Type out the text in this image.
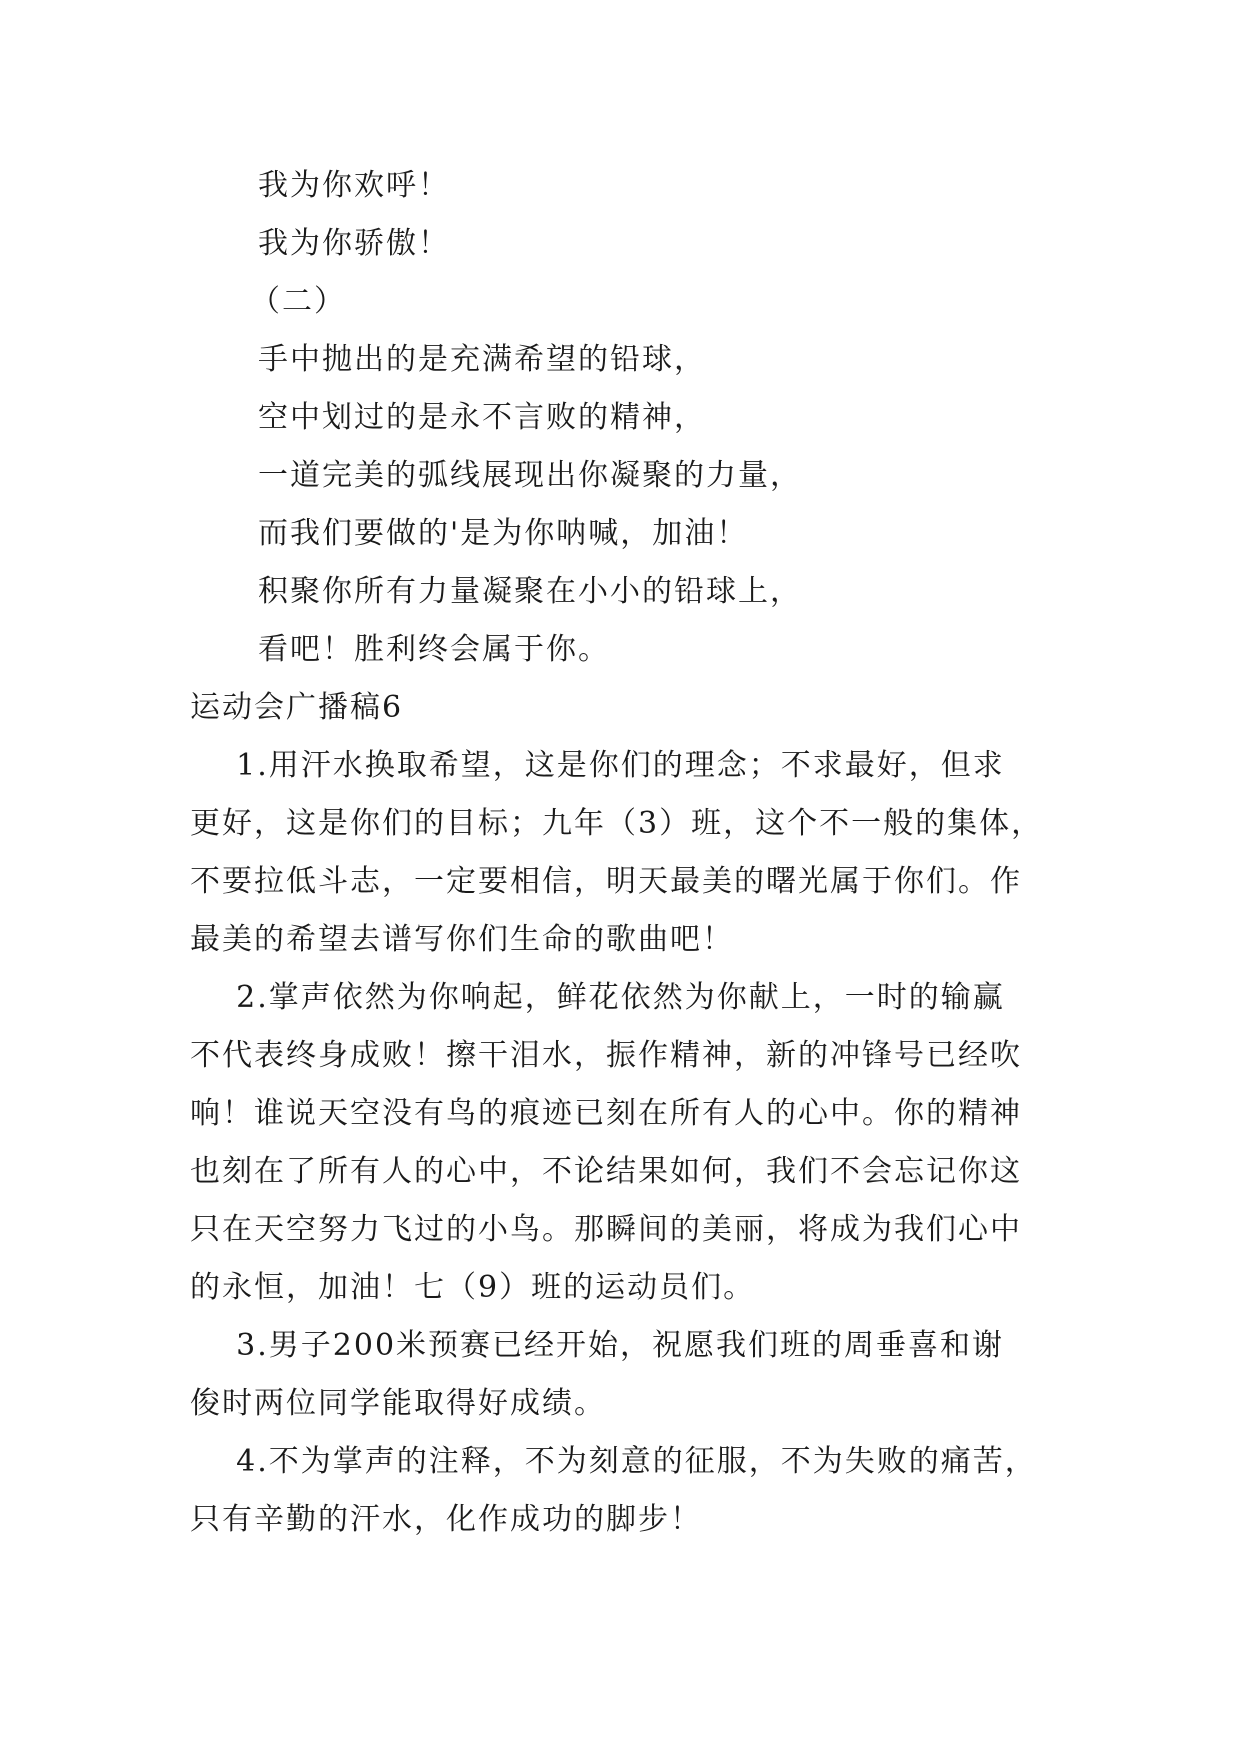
我为你欢呼！
我为你骄傲！
（二）
手中抛出的是充满希望的铅球，
空中划过的是永不言败的精神，
一道完美的弧线展现出你凝聚的力量，
而我们要做的'是为你呐喊，加油！
积聚你所有力量凝聚在小小的铅球上，
看吧！胜利终会属于你。
运动会广播稿6
1.用汗水换取希望，这是你们的理念；不求最好，但求
更好，这是你们的目标；九年（3）班，这个不一般的集体，
不要拉低斗志，一定要相信，明天最美的曙光属于你们。作
最美的希望去谱写你们生命的歌曲吧！
2.掌声依然为你响起，鲜花依然为你献上，一时的输赢
不代表终身成败！擦干泪水，振作精神，新的冲锋号已经吹
响！谁说天空没有鸟的痕迹已刻在所有人的心中。你的精神
也刻在了所有人的心中，不论结果如何，我们不会忘记你这
只在天空努力飞过的小鸟。那瞬间的美丽，将成为我们心中
的永恒，加油！七（9）班的运动员们。
3.男子200米预赛已经开始，祝愿我们班的周垂喜和谢
俊时两位同学能取得好成绩。
4.不为掌声的注释，不为刻意的征服，不为失败的痛苦，
只有辛勤的汗水，化作成功的脚步！
